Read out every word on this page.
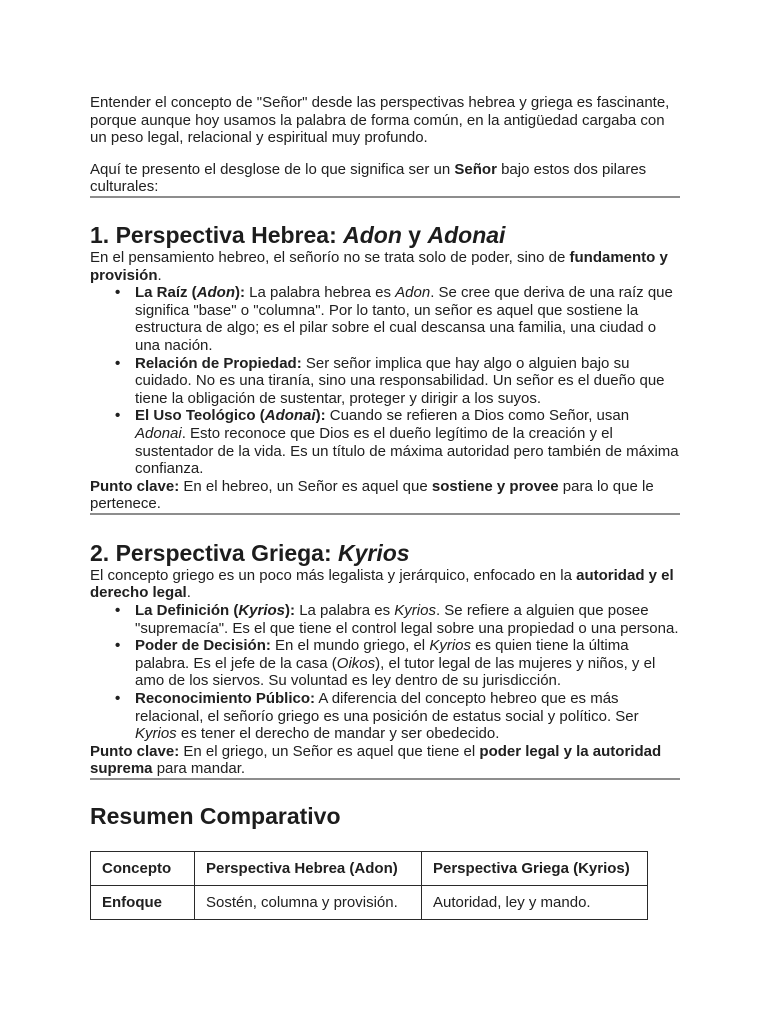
Entender el concepto de "Señor" desde las perspectivas hebrea y griega es fascinante, porque aunque hoy usamos la palabra de forma común, en la antigüedad cargaba con un peso legal, relacional y espiritual muy profundo.

Aquí te presento el desglose de lo que significa ser un Señor bajo estos dos pilares culturales:

1. Perspectiva Hebrea: Adon y Adonai

En el pensamiento hebreo, el señorío no se trata solo de poder, sino de fundamento y provisión.

• La Raíz (Adon): La palabra hebrea es Adon. Se cree que deriva de una raíz que significa "base" o "columna". Por lo tanto, un señor es aquel que sostiene la estructura de algo; es el pilar sobre el cual descansa una familia, una ciudad o una nación.
• Relación de Propiedad: Ser señor implica que hay algo o alguien bajo su cuidado. No es una tiranía, sino una responsabilidad. Un señor es el dueño que tiene la obligación de sustentar, proteger y dirigir a los suyos.
• El Uso Teológico (Adonai): Cuando se refieren a Dios como Señor, usan Adonai. Esto reconoce que Dios es el dueño legítimo de la creación y el sustentador de la vida. Es un título de máxima autoridad pero también de máxima confianza.

Punto clave: En el hebreo, un Señor es aquel que sostiene y provee para lo que le pertenece.

2. Perspectiva Griega: Kyrios

El concepto griego es un poco más legalista y jerárquico, enfocado en la autoridad y el derecho legal.

• La Definición (Kyrios): La palabra es Kyrios. Se refiere a alguien que posee "supremacía". Es el que tiene el control legal sobre una propiedad o una persona.
• Poder de Decisión: En el mundo griego, el Kyrios es quien tiene la última palabra. Es el jefe de la casa (Oikos), el tutor legal de las mujeres y niños, y el amo de los siervos. Su voluntad es ley dentro de su jurisdicción.
• Reconocimiento Público: A diferencia del concepto hebreo que es más relacional, el señorío griego es una posición de estatus social y político. Ser Kyrios es tener el derecho de mandar y ser obedecido.

Punto clave: En el griego, un Señor es aquel que tiene el poder legal y la autoridad suprema para mandar.

Resumen Comparativo
Concepto	Perspectiva Hebrea (Adon)	Perspectiva Griega (Kyrios)
Enfoque	Sostén, columna y provisión.	Autoridad, ley y mando.
